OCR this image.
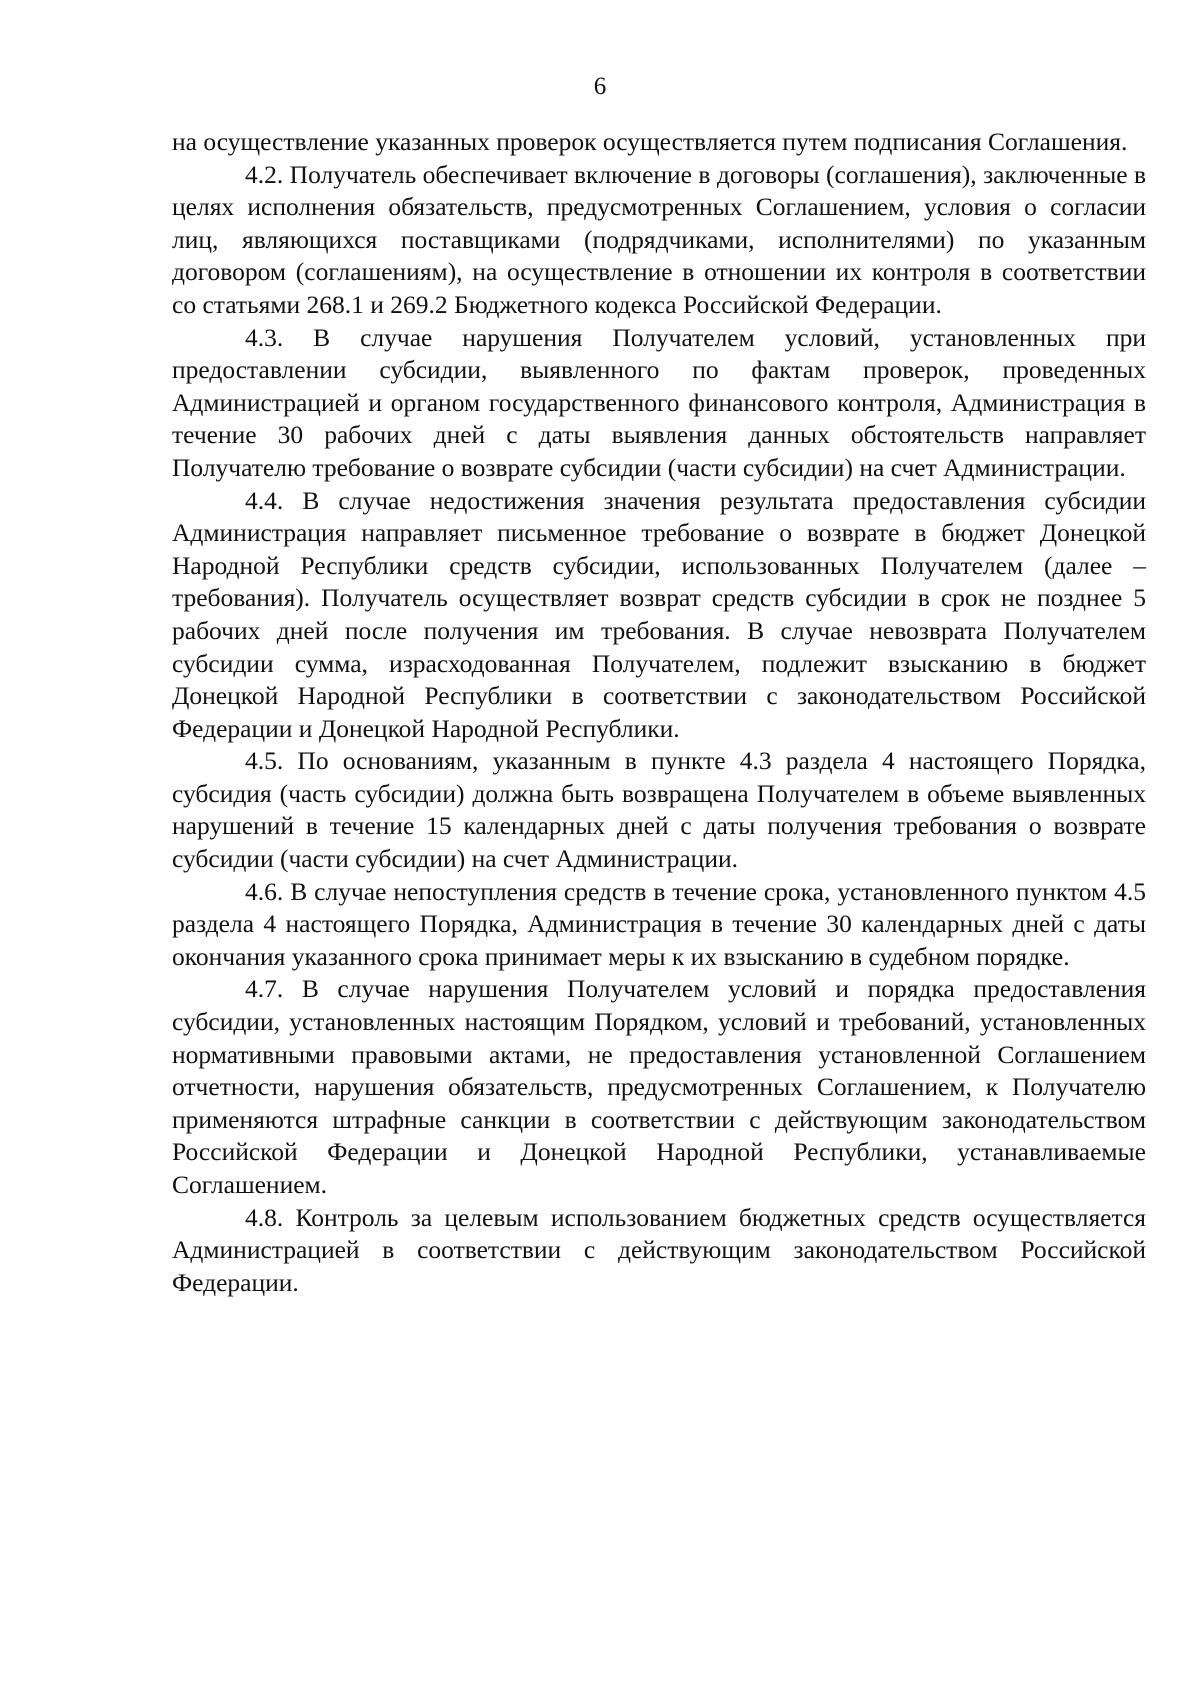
6

на осуществление указанных проверок осуществляется путем подписания Соглашения.

4.2. Получатель обеспечивает включение в договоры (соглашения), заключенные в целях исполнения обязательств, предусмотренных Соглашением, условия о согласии лиц, являющихся поставщиками (подрядчиками, исполнителями) по указанным договором (соглашениям), на осуществление в отношении их контроля в соответствии со статьями 268.1 и 269.2 Бюджетного кодекса Российской Федерации.

4.3. В случае нарушения Получателем условий, установленных при предоставлении субсидии, выявленного по фактам проверок, проведенных Администрацией и органом государственного финансового контроля, Администрация в течение 30 рабочих дней с даты выявления данных обстоятельств направляет Получателю требование о возврате субсидии (части субсидии) на счет Администрации.

4.4. В случае недостижения значения результата предоставления субсидии Администрация направляет письменное требование о возврате в бюджет Донецкой Народной Республики средств субсидии, использованных Получателем (далее – требования). Получатель осуществляет возврат средств субсидии в срок не позднее 5 рабочих дней после получения им требования. В случае невозврата Получателем субсидии сумма, израсходованная Получателем, подлежит взысканию в бюджет Донецкой Народной Республики в соответствии с законодательством Российской Федерации и Донецкой Народной Республики.

4.5. По основаниям, указанным в пункте 4.3 раздела 4 настоящего Порядка, субсидия (часть субсидии) должна быть возвращена Получателем в объеме выявленных нарушений в течение 15 календарных дней с даты получения требования о возврате субсидии (части субсидии) на счет Администрации.

4.6. В случае непоступления средств в течение срока, установленного пунктом 4.5 раздела 4 настоящего Порядка, Администрация в течение 30 календарных дней с даты окончания указанного срока принимает меры к их взысканию в судебном порядке.

4.7. В случае нарушения Получателем условий и порядка предоставления субсидии, установленных настоящим Порядком, условий и требований, установленных нормативными правовыми актами, не предоставления установленной Соглашением отчетности, нарушения обязательств, предусмотренных Соглашением, к Получателю применяются штрафные санкции в соответствии с действующим законодательством Российской Федерации и Донецкой Народной Республики, устанавливаемые Соглашением.

4.8. Контроль за целевым использованием бюджетных средств осуществляется Администрацией в соответствии с действующим законодательством Российской Федерации.
